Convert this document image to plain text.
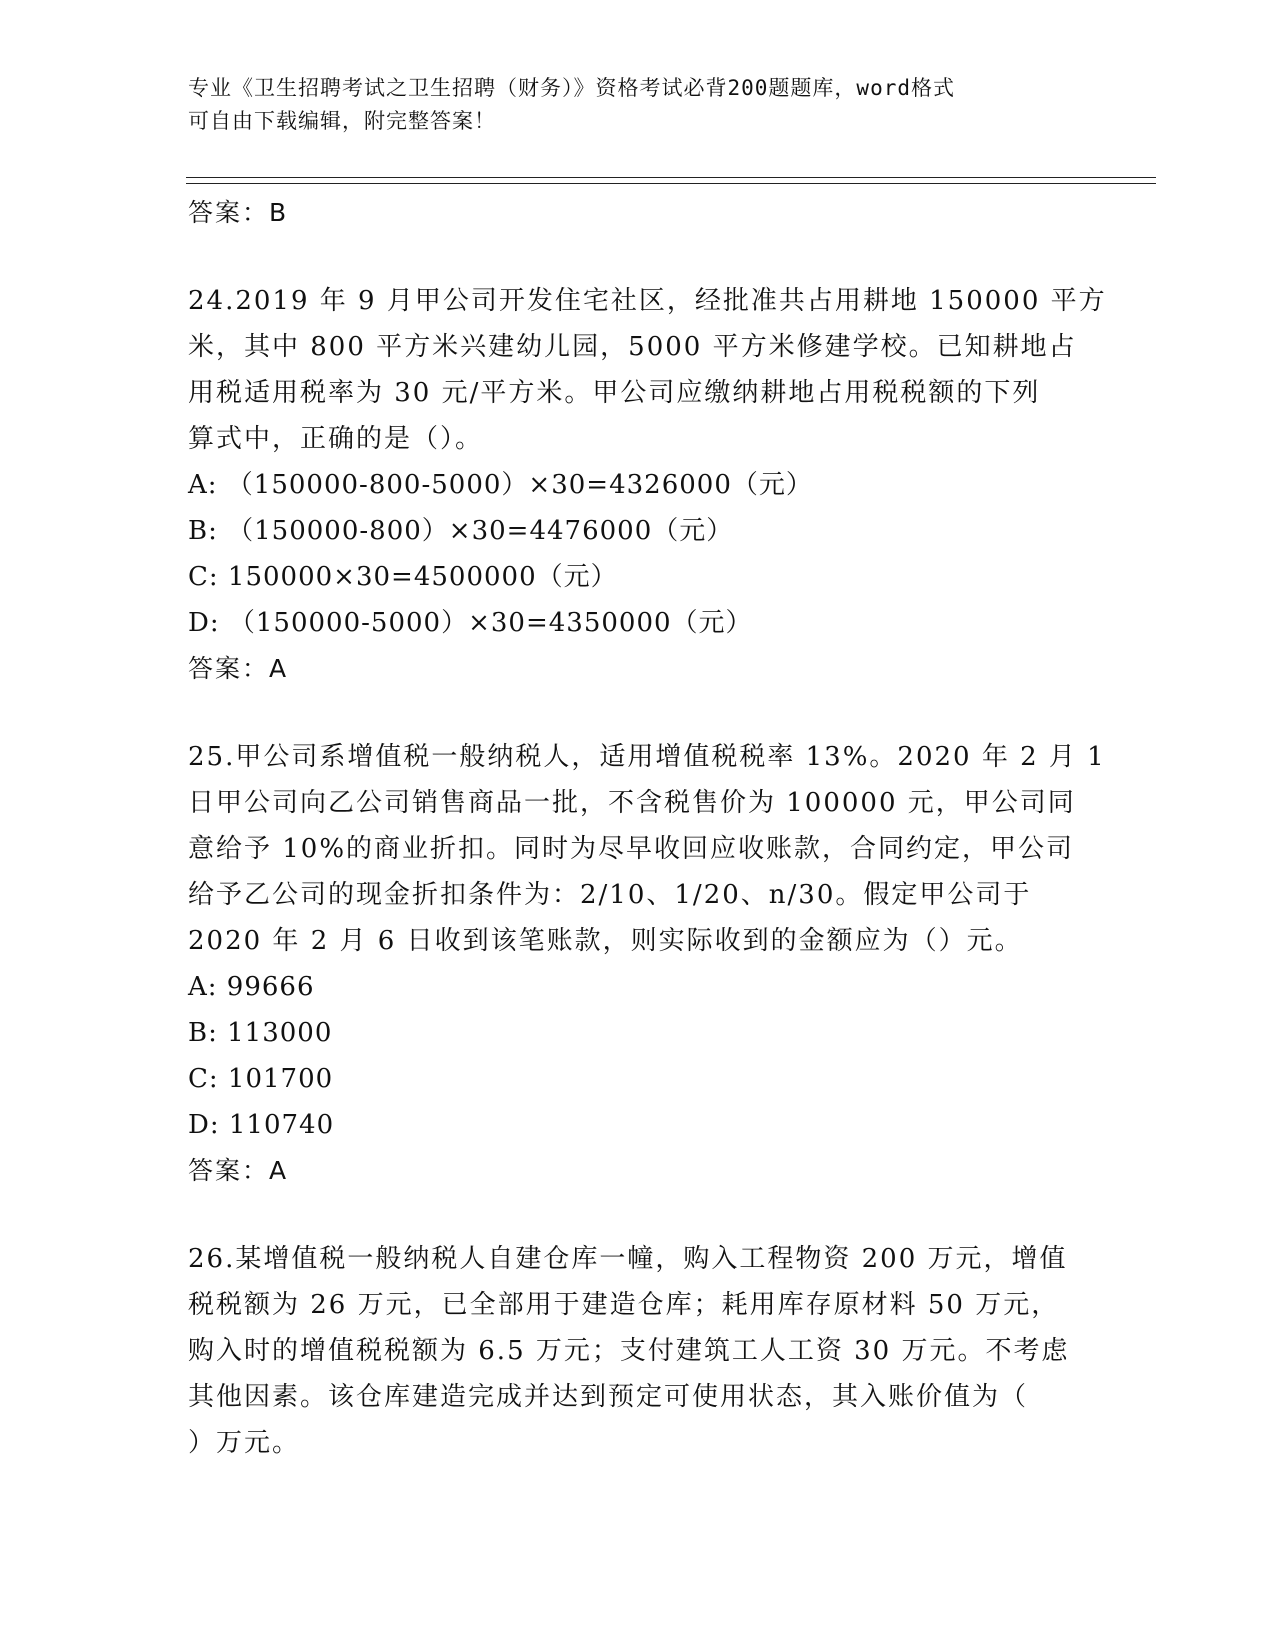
专业《卫生招聘考试之卫生招聘（财务）》资格考试必背200题题库，word格式
可自由下载编辑，附完整答案！
答案：B
24.2019 年 9 月甲公司开发住宅社区，经批准共占用耕地 150000 平方
米，其中 800 平方米兴建幼儿园，5000 平方米修建学校。已知耕地占
用税适用税率为 30 元/平方米。甲公司应缴纳耕地占用税税额的下列
算式中，正确的是（）。
A: （150000-800-5000）×30=4326000（元）
B: （150000-800）×30=4476000（元）
C: 150000×30=4500000（元）
D: （150000-5000）×30=4350000（元）
答案：A
25.甲公司系增值税一般纳税人，适用增值税税率 13%。2020 年 2 月 1
日甲公司向乙公司销售商品一批，不含税售价为 100000 元，甲公司同
意给予 10%的商业折扣。同时为尽早收回应收账款，合同约定，甲公司
给予乙公司的现金折扣条件为：2/10、1/20、n/30。假定甲公司于
2020 年 2 月 6 日收到该笔账款，则实际收到的金额应为（）元。
A: 99666
B: 113000
C: 101700
D: 110740
答案：A
26.某增值税一般纳税人自建仓库一幢，购入工程物资 200 万元，增值
税税额为 26 万元，已全部用于建造仓库；耗用库存原材料 50 万元，
购入时的增值税税额为 6.5 万元；支付建筑工人工资 30 万元。不考虑
其他因素。该仓库建造完成并达到预定可使用状态，其入账价值为（
）万元。
